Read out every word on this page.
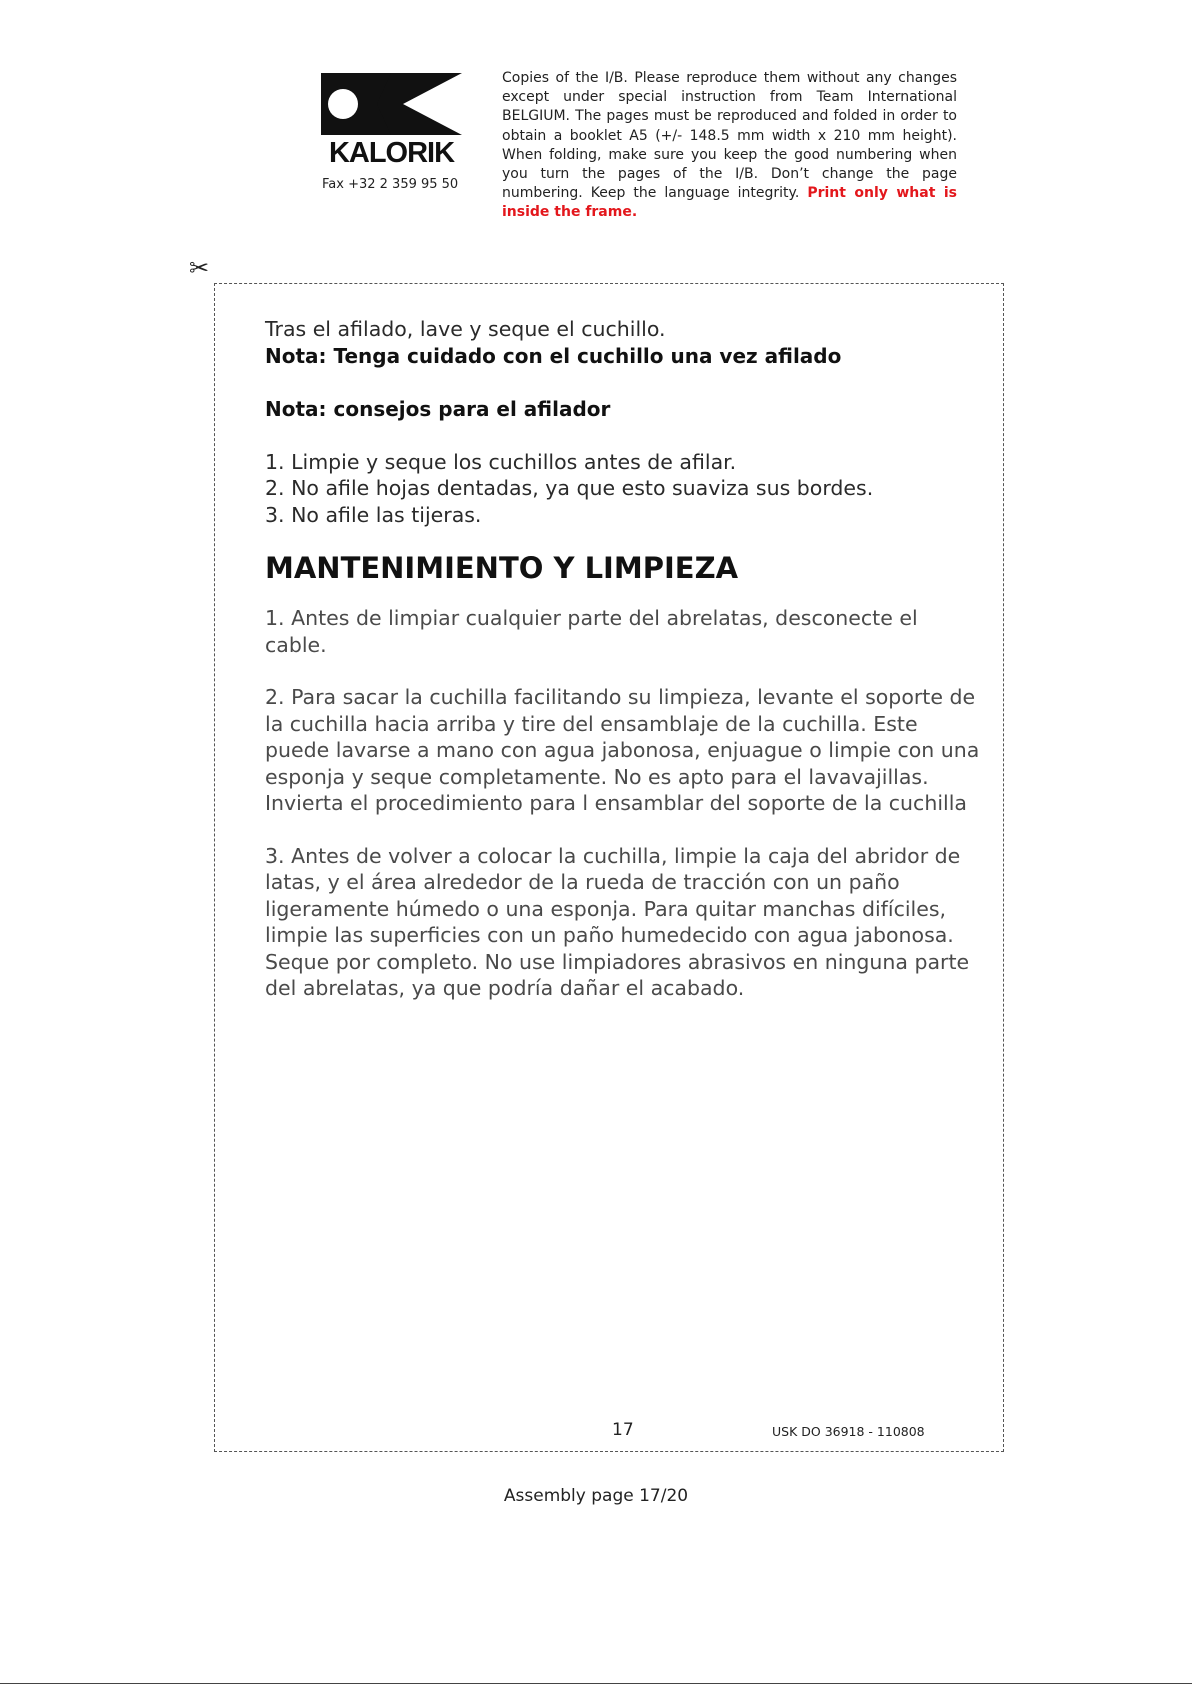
KALORIK
Fax +32 2 359 95 50
Copies of the I/B. Please reproduce them without any changes except under special instruction from Team International BELGIUM. The pages must be reproduced and folded in order to obtain a booklet A5 (+/- 148.5 mm width x 210 mm height). When folding, make sure you keep the good numbering when you turn the pages of the I/B. Don’t change the page numbering. Keep the language integrity. Print only what is inside the frame.
✂

Tras el afilado, lave y seque el cuchillo.

Nota: Tenga cuidado con el cuchillo una vez afilado

Nota: consejos para el afilador

1. Limpie y seque los cuchillos antes de afilar.

2. No afile hojas dentadas, ya que esto suaviza sus bordes.

3. No afile las tijeras.

MANTENIMIENTO Y LIMPIEZA

1. Antes de limpiar cualquier parte del abrelatas, desconecte el cable.

2. Para sacar la cuchilla facilitando su limpieza, levante el soporte de la cuchilla hacia arriba y tire del ensamblaje de la cuchilla. Este puede lavarse a mano con agua jabonosa, enjuague o limpie con una esponja y seque completamente. No es apto para el lavavajillas. Invierta el procedimiento para l ensamblar del soporte de la cuchilla

3. Antes de volver a colocar la cuchilla, limpie la caja del abridor de latas, y el área alrededor de la rueda de tracción con un paño ligeramente húmedo o una esponja. Para quitar manchas difíciles, limpie las superficies con un paño humedecido con agua jabonosa. Seque por completo. No use limpiadores abrasivos en ninguna parte del abrelatas, ya que podría dañar el acabado.

17	USK DO 36918 - 110808
Assembly page 17/20
